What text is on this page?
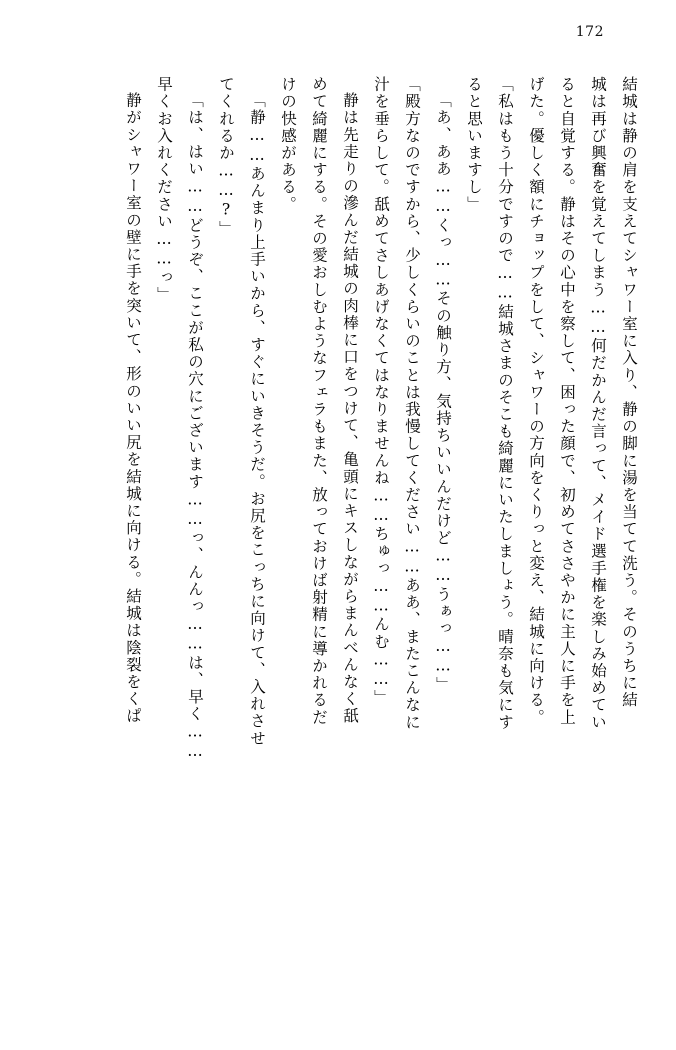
172
結城は静の肩を支えてシャワー室に入り、静の脚に湯を当てて洗う。そのうちに結
城は再び興奮を覚えてしまう……何だかんだ言って、メイド選手権を楽しみ始めてい
ると自覚する。静はその心中を察して、困った顔で、初めてささやかに主人に手を上
げた。優しく額にチョップをして、シャワーの方向をくりっと変え、結城に向ける。
「私はもう十分ですので……結城さまのそこも綺麗にいたしましょう。晴奈も気にす
ると思いますし」
「あ、ああ……くっ……その触り方、気持ちいいんだけど……うぁっ……」
「殿方なのですから、少しくらいのことは我慢してください……ああ、またこんなに
汁を垂らして。舐めてさしあげなくてはなりませんね……ちゅっ……んむ……」
静は先走りの滲んだ結城の肉棒に口をつけて、亀頭にキスしながらまんべんなく舐
めて綺麗にする。その愛おしむようなフェラもまた、放っておけば射精に導かれるだ
けの快感がある。
「静……あんまり上手いから、すぐにいきそうだ。お尻をこっちに向けて、入れさせ
てくれるか……?」
「は、はい……どうぞ、ここが私の穴にございます……っ、んんっ……は、早く……
早くお入れください……っ」
静がシャワー室の壁に手を突いて、形のいい尻を結城に向ける。結城は陰裂をくぱ
